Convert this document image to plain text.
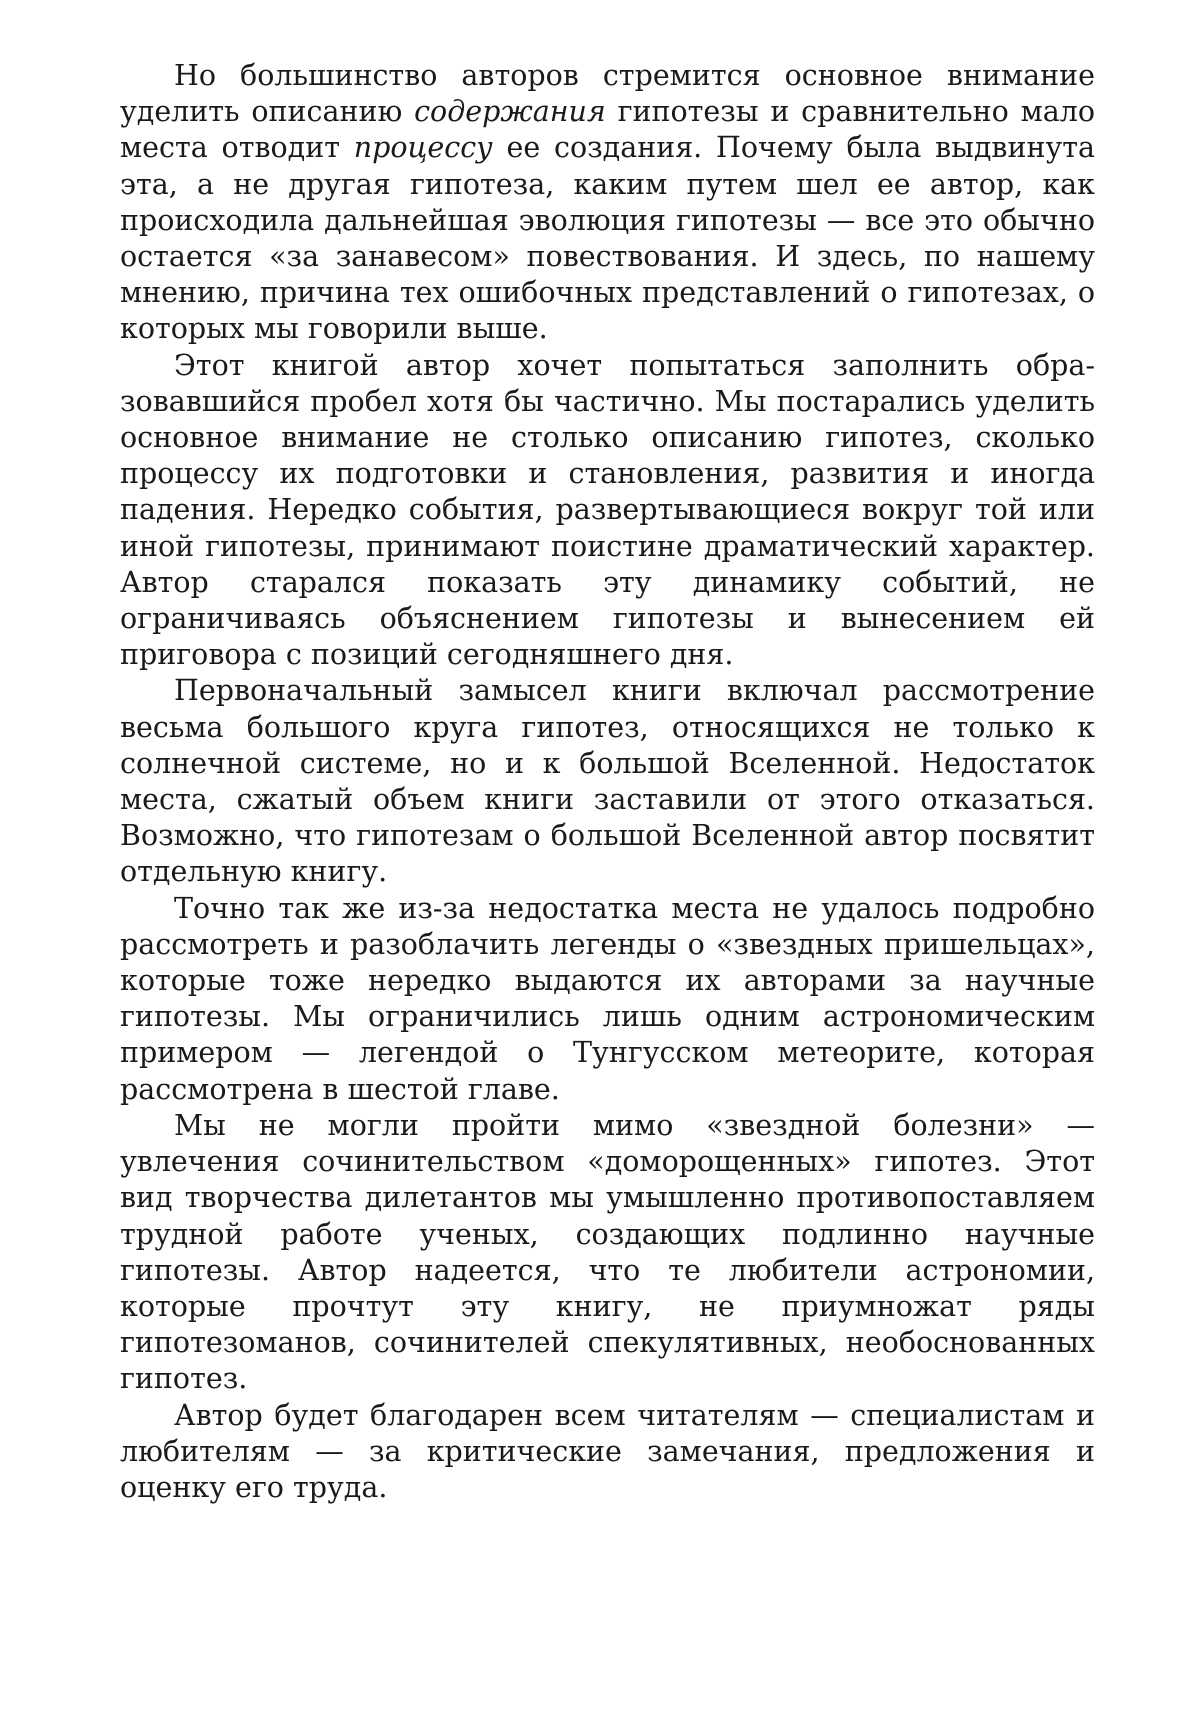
Но большинство авторов стремится основное внимание уделить описанию содержания гипотезы и сравнительно мало места отводит процессу ее создания. Почему была выдвинута эта, а не другая гипотеза, каким путем шел ее автор, как происходила дальнейшая эволюция гипотезы — все это обычно остается «за занавесом» повествования. И здесь, по нашему мнению, причина тех ошибочных представлений о гипотезах, о которых мы говорили выше.

Этот книгой автор хочет попытаться заполнить образовавшийся пробел хотя бы частично. Мы постарались уделить основное внимание не столько описанию гипотез, сколько процессу их подготовки и становления, развития и иногда падения. Нередко события, развертывающиеся вокруг той или иной гипотезы, принимают поистине драматический характер. Автор старался показать эту динамику событий, не ограничиваясь объяснением гипотезы и вынесением ей приговора с позиций сегодняшнего дня.

Первоначальный замысел книги включал рассмотрение весьма большого круга гипотез, относящихся не только к солнечной системе, но и к большой Вселенной. Недостаток места, сжатый объем книги заставили от этого отказаться. Возможно, что гипотезам о большой Вселенной автор посвятит отдельную книгу.

Точно так же из-за недостатка места не удалось подробно рассмотреть и разоблачить легенды о «звездных пришельцах», которые тоже нередко выдаются их авторами за научные гипотезы. Мы ограничились лишь одним астрономическим примером — легендой о Тунгусском метеорите, которая рассмотрена в шестой главе.

Мы не могли пройти мимо «звездной болезни» — увлечения сочинительством «доморощенных» гипотез. Этот вид творчества дилетантов мы умышленно противопоставляем трудной работе ученых, создающих подлинно научные гипотезы. Автор надеется, что те любители астрономии, которые прочтут эту книгу, не приумножат ряды гипотезоманов, сочинителей спекулятивных, необоснованных гипотез.

Автор будет благодарен всем читателям — специалистам и любителям — за критические замечания, предложения и оценку его труда.
